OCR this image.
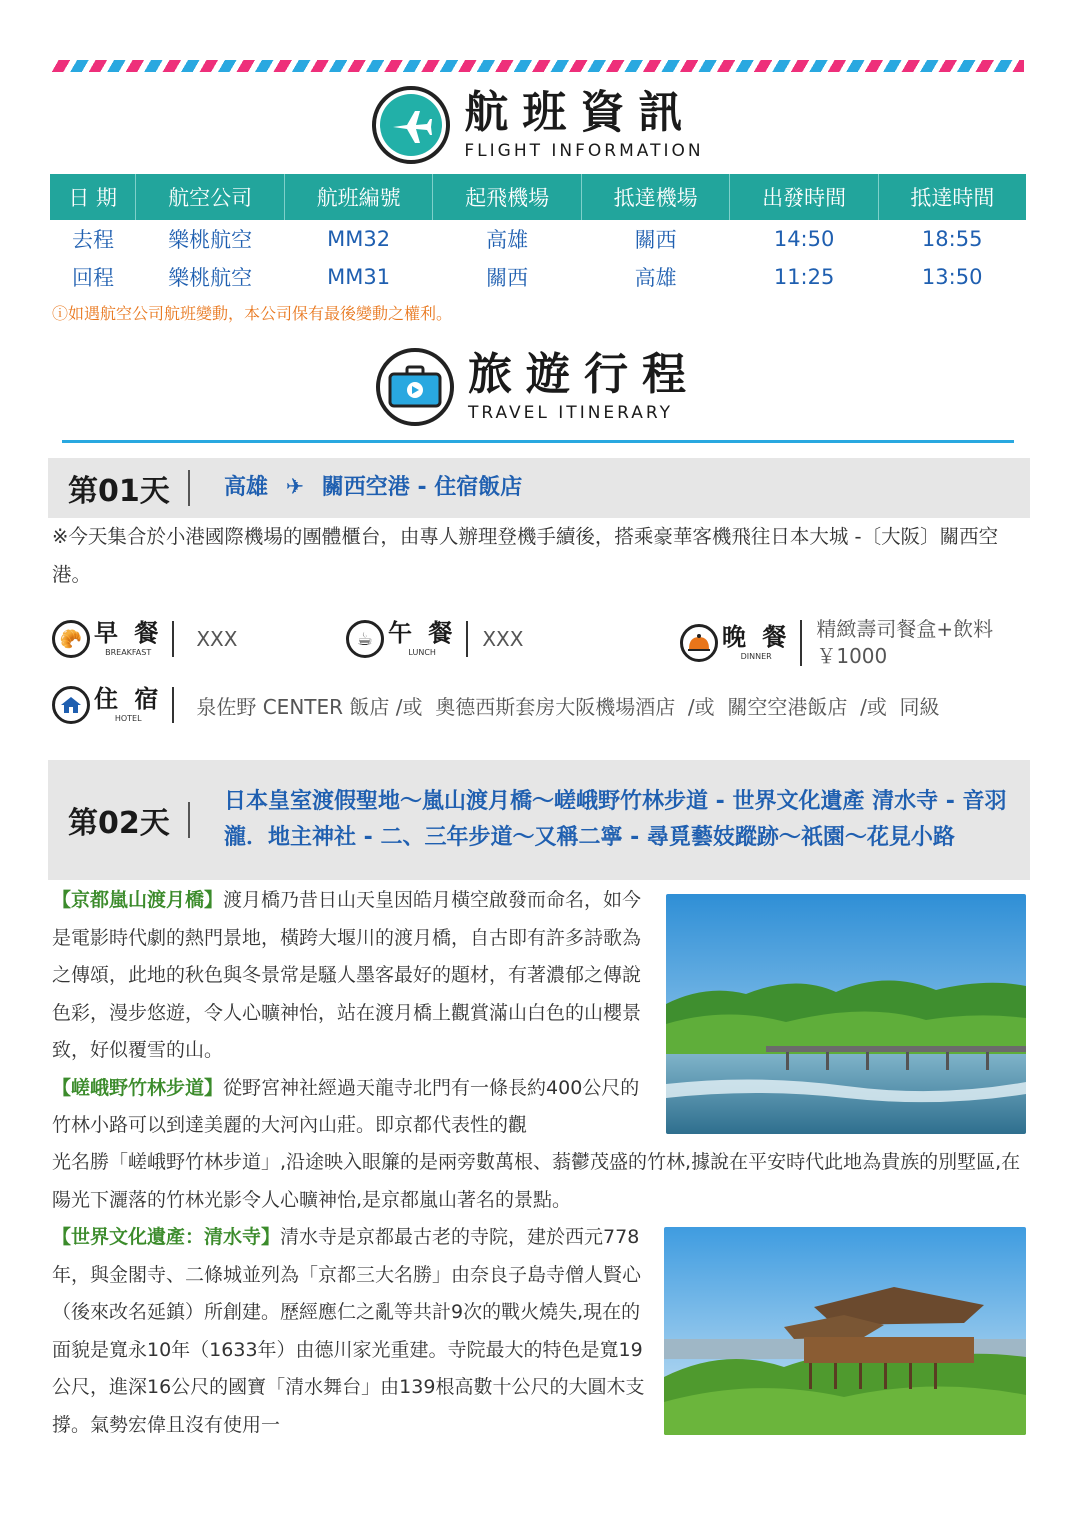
航班資訊
FLIGHT INFORMATION
日 期	航空公司	航班編號	起飛機場	抵達機場	出發時間	抵達時間
去程	樂桃航空	MM32	高雄	關西	14:50	18:55
回程	樂桃航空	MM31	關西	高雄	11:25	13:50
ⓘ如遇航空公司航班變動，本公司保有最後變動之權利。
旅遊行程
TRAVEL ITINERARY
第01天	高雄 ✈ 關西空港 - 住宿飯店
※今天集合於小港國際機場的團體櫃台，由專人辦理登機手續後，搭乘豪華客機飛往日本大城 -〔大阪〕關西空港。
🥐 早 餐
BREAKFAST
XXX	☕ 午 餐
LUNCH
XXX	晚 餐
DINNER
精緻壽司餐盒+飲料
￥1000
住 宿
HOTEL	泉佐野 CENTER 飯店 /或  奧德西斯套房大阪機場酒店  /或  關空空港飯店  /或  同級
第02天
日本皇室渡假聖地～嵐山渡月橋～嵯峨野竹林步道 - 世界文化遺產 清水寺 - 音羽瀧．地主神社 - 二、三年步道～又稱二寧 - 尋覓藝妓蹤跡～祇園～花見小路
【京都嵐山渡月橋】渡月橋乃昔日山天皇因皓月橫空啟發而命名，如今是電影時代劇的熱門景地，橫跨大堰川的渡月橋，自古即有許多詩歌為之傳頌，此地的秋色與冬景常是騷人墨客最好的題材，有著濃郁之傳說色彩，漫步悠遊，令人心曠神怡，站在渡月橋上觀賞滿山白色的山櫻景致，好似覆雪的山。
【嵯峨野竹林步道】從野宮神社經過天龍寺北門有一條長約400公尺的竹林小路可以到達美麗的大河內山莊。即京都代表性的觀
光名勝「嵯峨野竹林步道」,沿途映入眼簾的是兩旁數萬根、蓊鬱茂盛的竹林,據說在平安時代此地為貴族的別墅區,在陽光下灑落的竹林光影令人心曠神怡,是京都嵐山著名的景點。
【世界文化遺產：清水寺】清水寺是京都最古老的寺院，建於西元778年，與金閣寺、二條城並列為「京都三大名勝」由奈良子島寺僧人賢心（後來改名延鎮）所創建。歷經應仁之亂等共計9次的戰火燒失,現在的面貌是寬永10年（1633年）由德川家光重建。寺院最大的特色是寬19公尺，進深16公尺的國寶「清水舞台」由139根高數十公尺的大圓木支撐。氣勢宏偉且沒有使用一
